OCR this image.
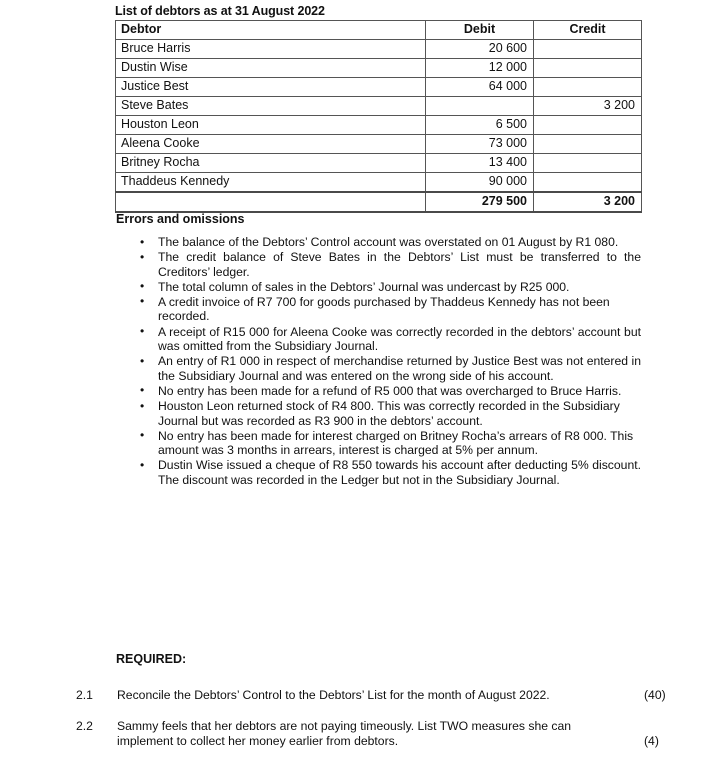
List of debtors as at 31 August 2022
Debtor	Debit	Credit
Bruce Harris	20 600	
Dustin Wise	12 000	
Justice Best	64 000	
Steve Bates		3 200
Houston Leon	6 500	
Aleena Cooke	73 000	
Britney Rocha	13 400	
Thaddeus Kennedy	90 000	
	279 500	3 200
Errors and omissions
• The balance of the Debtors’ Control account was overstated on 01 August by R1 080.
• The credit balance of Steve Bates in the Debtors’ List must be transferred to the Creditors’ ledger.
• The total column of sales in the Debtors’ Journal was undercast by R25 000.
• A credit invoice of R7 700 for goods purchased by Thaddeus Kennedy has not been recorded.
• A receipt of R15 000 for Aleena Cooke was correctly recorded in the debtors’ account but was omitted from the Subsidiary Journal.
• An entry of R1 000 in respect of merchandise returned by Justice Best was not entered in the Subsidiary Journal and was entered on the wrong side of his account.
• No entry has been made for a refund of R5 000 that was overcharged to Bruce Harris.
• Houston Leon returned stock of R4 800. This was correctly recorded in the Subsidiary Journal but was recorded as R3 900 in the debtors’ account.
• No entry has been made for interest charged on Britney Rocha’s arrears of R8 000. This amount was 3 months in arrears, interest is charged at 5% per annum.
• Dustin Wise issued a cheque of R8 550 towards his account after deducting 5% discount. The discount was recorded in the Ledger but not in the Subsidiary Journal.
REQUIRED:
2.1	Reconcile the Debtors’ Control to the Debtors’ List for the month of August 2022.	(40)
2.2	Sammy feels that her debtors are not paying timeously. List TWO measures she can implement to collect her money earlier from debtors.	(4)
